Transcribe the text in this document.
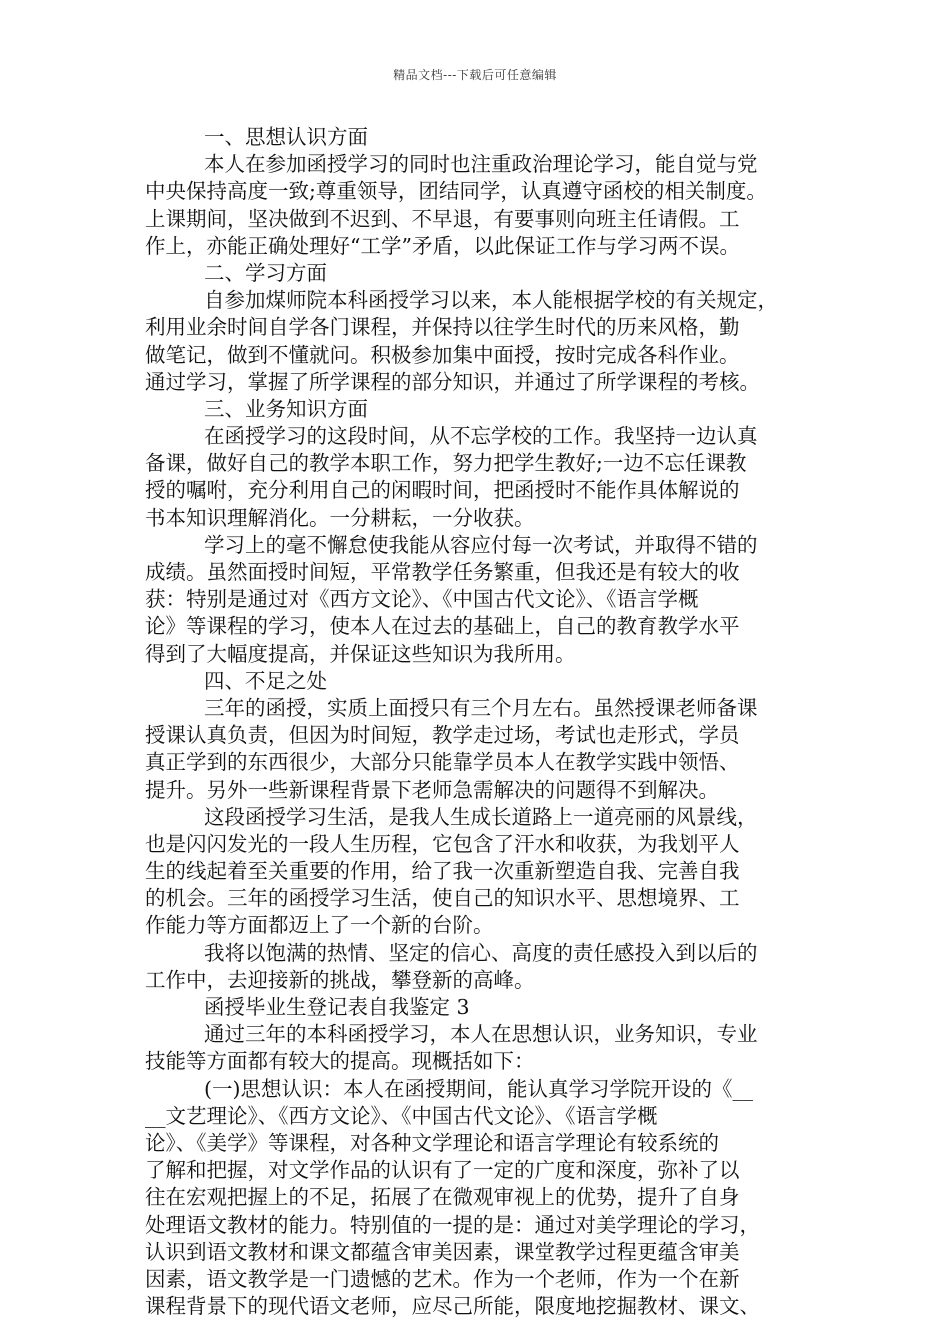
精品文档---下载后可任意编辑
一、思想认识方面
本人在参加函授学习的同时也注重政治理论学习，能自觉与党
中央保持高度一致;尊重领导，团结同学，认真遵守函校的相关制度。
上课期间，坚决做到不迟到、不早退，有要事则向班主任请假。工
作上，亦能正确处理好“工学”矛盾，以此保证工作与学习两不误。
二、学习方面
自参加煤师院本科函授学习以来，本人能根据学校的有关规定，
利用业余时间自学各门课程，并保持以往学生时代的历来风格，勤
做笔记，做到不懂就问。积极参加集中面授，按时完成各科作业。
通过学习，掌握了所学课程的部分知识，并通过了所学课程的考核。
三、业务知识方面
在函授学习的这段时间，从不忘学校的工作。我坚持一边认真
备课，做好自己的教学本职工作，努力把学生教好;一边不忘任课教
授的嘱咐，充分利用自己的闲暇时间，把函授时不能作具体解说的
书本知识理解消化。一分耕耘，一分收获。
学习上的毫不懈怠使我能从容应付每一次考试，并取得不错的
成绩。虽然面授时间短，平常教学任务繁重，但我还是有较大的收
获：特别是通过对《西方文论》、《中国古代文论》、《语言学概
论》等课程的学习，使本人在过去的基础上，自己的教育教学水平
得到了大幅度提高，并保证这些知识为我所用。
四、不足之处
三年的函授，实质上面授只有三个月左右。虽然授课老师备课
授课认真负责，但因为时间短，教学走过场，考试也走形式，学员
真正学到的东西很少，大部分只能靠学员本人在教学实践中领悟、
提升。另外一些新课程背景下老师急需解决的问题得不到解决。
这段函授学习生活，是我人生成长道路上一道亮丽的风景线，
也是闪闪发光的一段人生历程，它包含了汗水和收获，为我划平人
生的线起着至关重要的作用，给了我一次重新塑造自我、完善自我
的机会。三年的函授学习生活，使自己的知识水平、思想境界、工
作能力等方面都迈上了一个新的台阶。
我将以饱满的热情、坚定的信心、高度的责任感投入到以后的
工作中，去迎接新的挑战，攀登新的高峰。
函授毕业生登记表自我鉴定 3
通过三年的本科函授学习，本人在思想认识，业务知识，专业
技能等方面都有较大的提高。现概括如下：
(一)思想认识：本人在函授期间，能认真学习学院开设的《__
__文艺理论》、《西方文论》、《中国古代文论》、《语言学概
论》、《美学》等课程，对各种文学理论和语言学理论有较系统的
了解和把握，对文学作品的认识有了一定的广度和深度，弥补了以
往在宏观把握上的不足，拓展了在微观审视上的优势，提升了自身
处理语文教材的能力。特别值的一提的是：通过对美学理论的学习，
认识到语文教材和课文都蕴含审美因素，课堂教学过程更蕴含审美
因素，语文教学是一门遗憾的艺术。作为一个老师，作为一个在新
课程背景下的现代语文老师，应尽己所能，限度地挖掘教材、课文、
